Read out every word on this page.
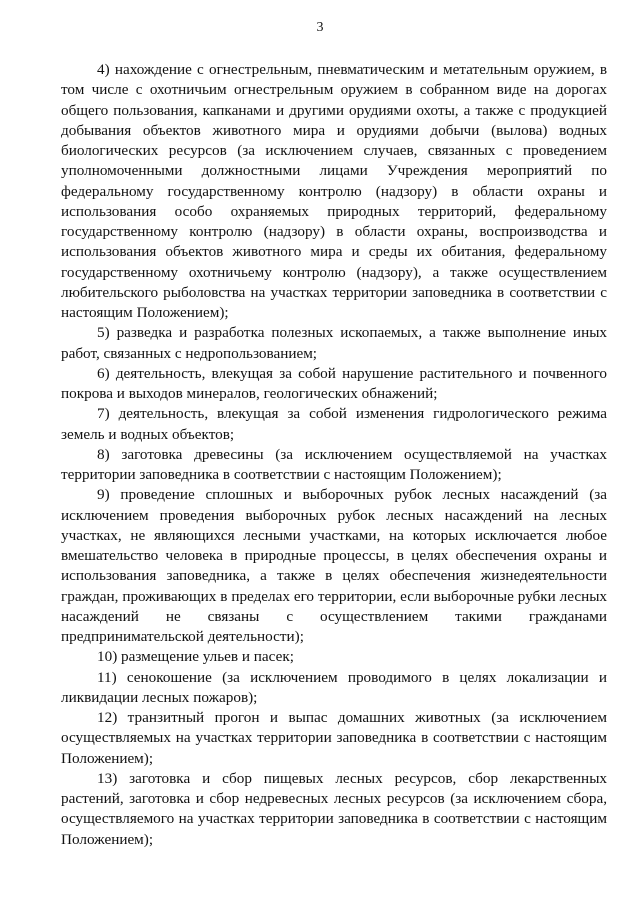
3

4) нахождение с огнестрельным, пневматическим и метательным оружием, в том числе с охотничьим огнестрельным оружием в собранном виде на дорогах общего пользования, капканами и другими орудиями охоты, а также с продукцией добывания объектов животного мира и орудиями добычи (вылова) водных биологических ресурсов (за исключением случаев, связанных с проведением уполномоченными должностными лицами Учреждения мероприятий по федеральному государственному контролю (надзору) в области охраны и использования особо охраняемых природных территорий, федеральному государственному контролю (надзору) в области охраны, воспроизводства и использования объектов животного мира и среды их обитания, федеральному государственному охотничьему контролю (надзору), а также осуществлением любительского рыболовства на участках территории заповедника в соответствии с настоящим Положением);

5) разведка и разработка полезных ископаемых, а также выполнение иных работ, связанных с недропользованием;

6) деятельность, влекущая за собой нарушение растительного и почвенного покрова и выходов минералов, геологических обнажений;

7) деятельность, влекущая за собой изменения гидрологического режима земель и водных объектов;

8) заготовка древесины (за исключением осуществляемой на участках территории заповедника в соответствии с настоящим Положением);

9) проведение сплошных и выборочных рубок лесных насаждений (за исключением проведения выборочных рубок лесных насаждений на лесных участках, не являющихся лесными участками, на которых исключается любое вмешательство человека в природные процессы, в целях обеспечения охраны и использования заповедника, а также в целях обеспечения жизнедеятельности граждан, проживающих в пределах его территории, если выборочные рубки лесных насаждений не связаны с осуществлением такими гражданами предпринимательской деятельности);

10) размещение ульев и пасек;

11) сенокошение (за исключением проводимого в целях локализации и ликвидации лесных пожаров);

12) транзитный прогон и выпас домашних животных (за исключением осуществляемых на участках территории заповедника в соответствии с настоящим Положением);

13) заготовка и сбор пищевых лесных ресурсов, сбор лекарственных растений, заготовка и сбор недревесных лесных ресурсов (за исключением сбора, осуществляемого на участках территории заповедника в соответствии с настоящим Положением);
